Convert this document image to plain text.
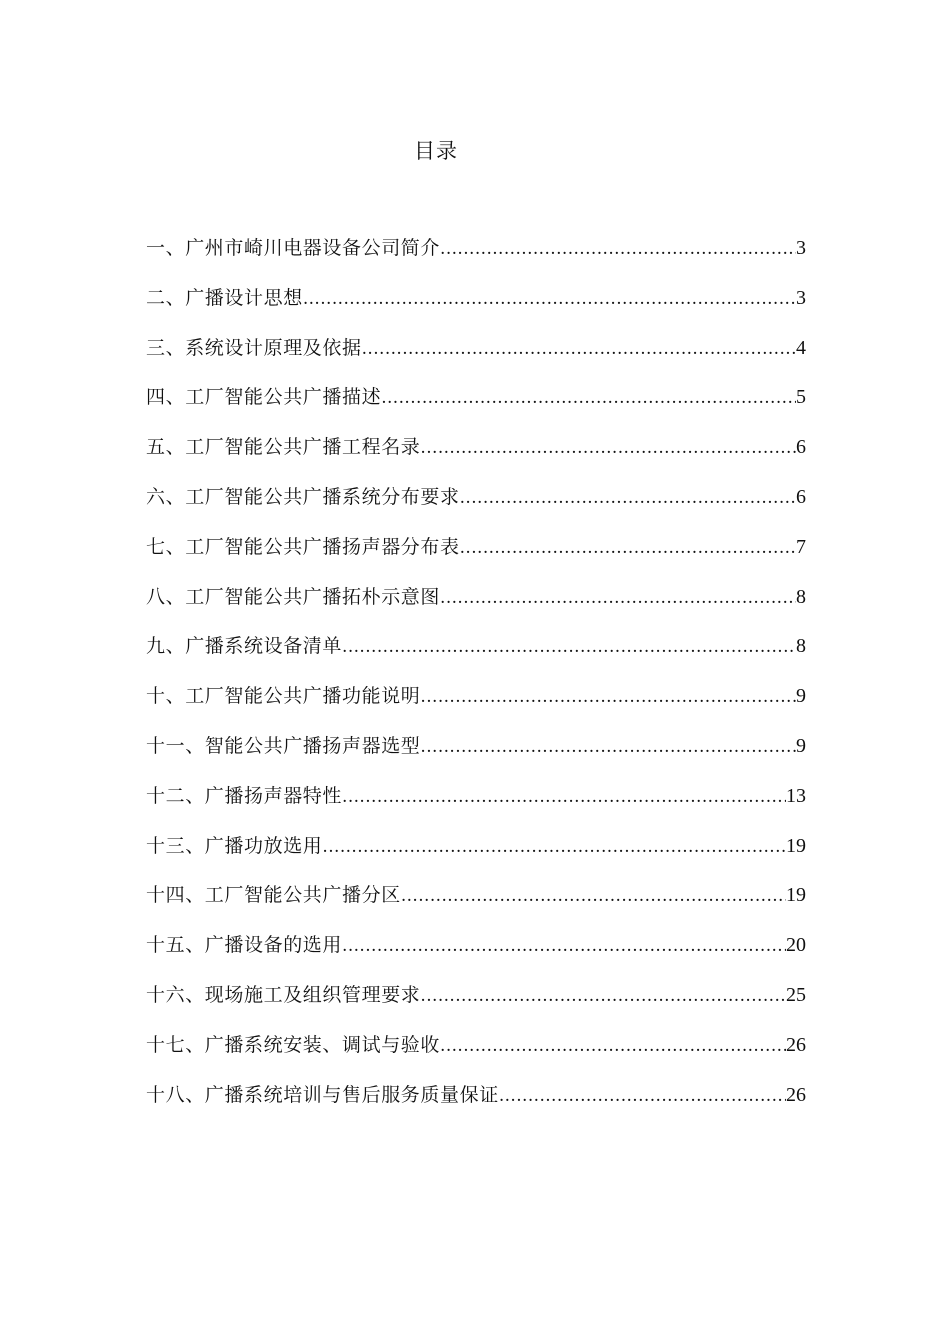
目录
一、广州市崎川电器设备公司简介 .....	3
二、广播设计思想 .....	3
三、系统设计原理及依据 .....	4
四、工厂智能公共广播描述 .....	5
五、工厂智能公共广播工程名录 .....	6
六、工厂智能公共广播系统分布要求 .....	6
七、工厂智能公共广播扬声器分布表 .....	7
八、工厂智能公共广播拓朴示意图 .....	8
九、广播系统设备清单 .....	8
十、工厂智能公共广播功能说明 .....	9
十一、智能公共广播扬声器选型 .....	9
十二、广播扬声器特性 .....	13
十三、广播功放选用 .....	19
十四、工厂智能公共广播分区 .....	19
十五、广播设备的选用 .....	20
十六、现场施工及组织管理要求 .....	25
十七、广播系统安装、调试与验收 .....	26
十八、广播系统培训与售后服务质量保证 .....	26
